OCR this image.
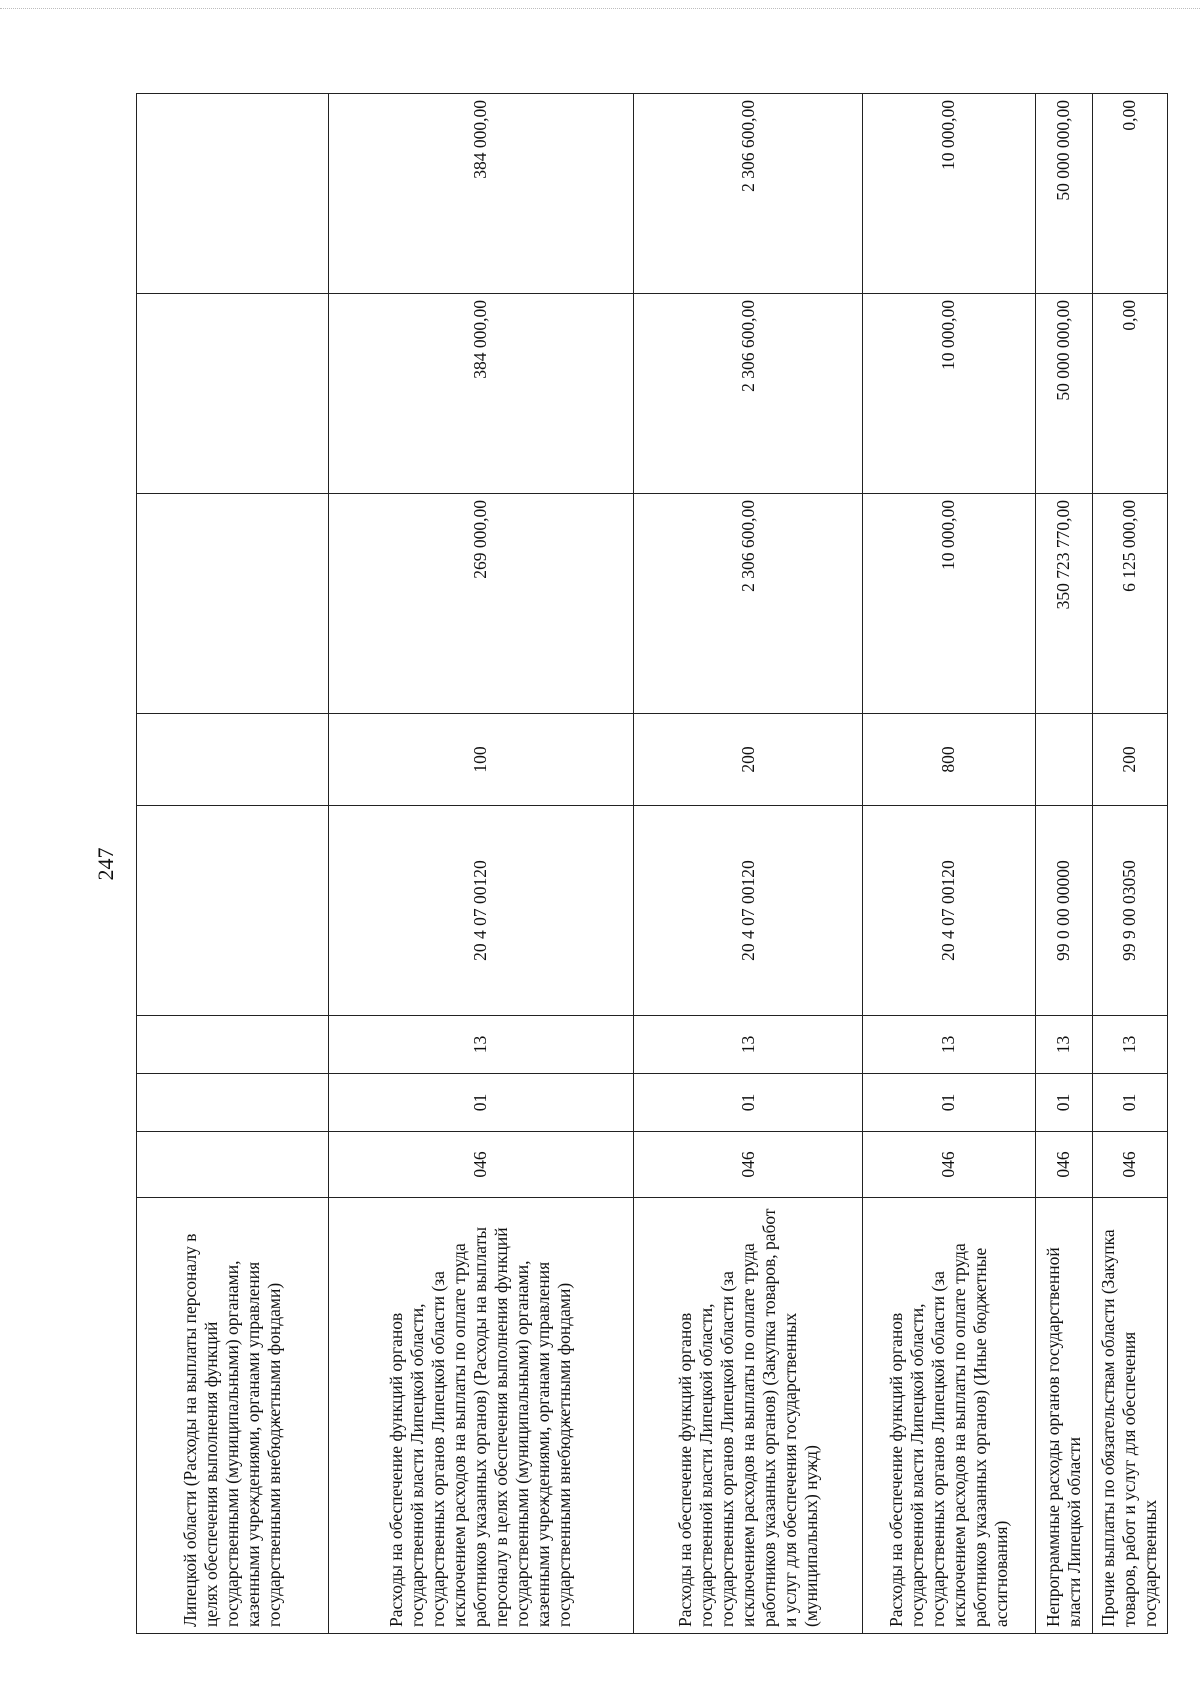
247
Липецкой области (Расходы на выплаты персоналу в целях обеспечения выполнения функций государственными (муниципальными) органами, казенными учреждениями, органами управления государственными внебюджетными фондами)								
Расходы на обеспечение функций органов государственной власти Липецкой области, государственных органов Липецкой области (за исключением расходов на выплаты по оплате труда работников указанных органов) (Расходы на выплаты персоналу в целях обеспечения выполнения функций государственными (муниципальными) органами, казенными учреждениями, органами управления государственными внебюджетными фондами)	046	01	13	20 4 07 00120	100	269 000,00	384 000,00	384 000,00
Расходы на обеспечение функций органов государственной власти Липецкой области, государственных органов Липецкой области (за исключением расходов на выплаты по оплате труда работников указанных органов) (Закупка товаров, работ и услуг для обеспечения государственных (муниципальных) нужд)	046	01	13	20 4 07 00120	200	2 306 600,00	2 306 600,00	2 306 600,00
Расходы на обеспечение функций органов государственной власти Липецкой области, государственных органов Липецкой области (за исключением расходов на выплаты по оплате труда работников указанных органов) (Иные бюджетные ассигнования)	046	01	13	20 4 07 00120	800	10 000,00	10 000,00	10 000,00
Непрограммные расходы органов государственной власти Липецкой области	046	01	13	99 0 00 00000		350 723 770,00	50 000 000,00	50 000 000,00
Прочие выплаты по обязательствам области (Закупка товаров, работ и услуг для обеспечения государственных	046	01	13	99 9 00 03050	200	6 125 000,00	0,00	0,00
